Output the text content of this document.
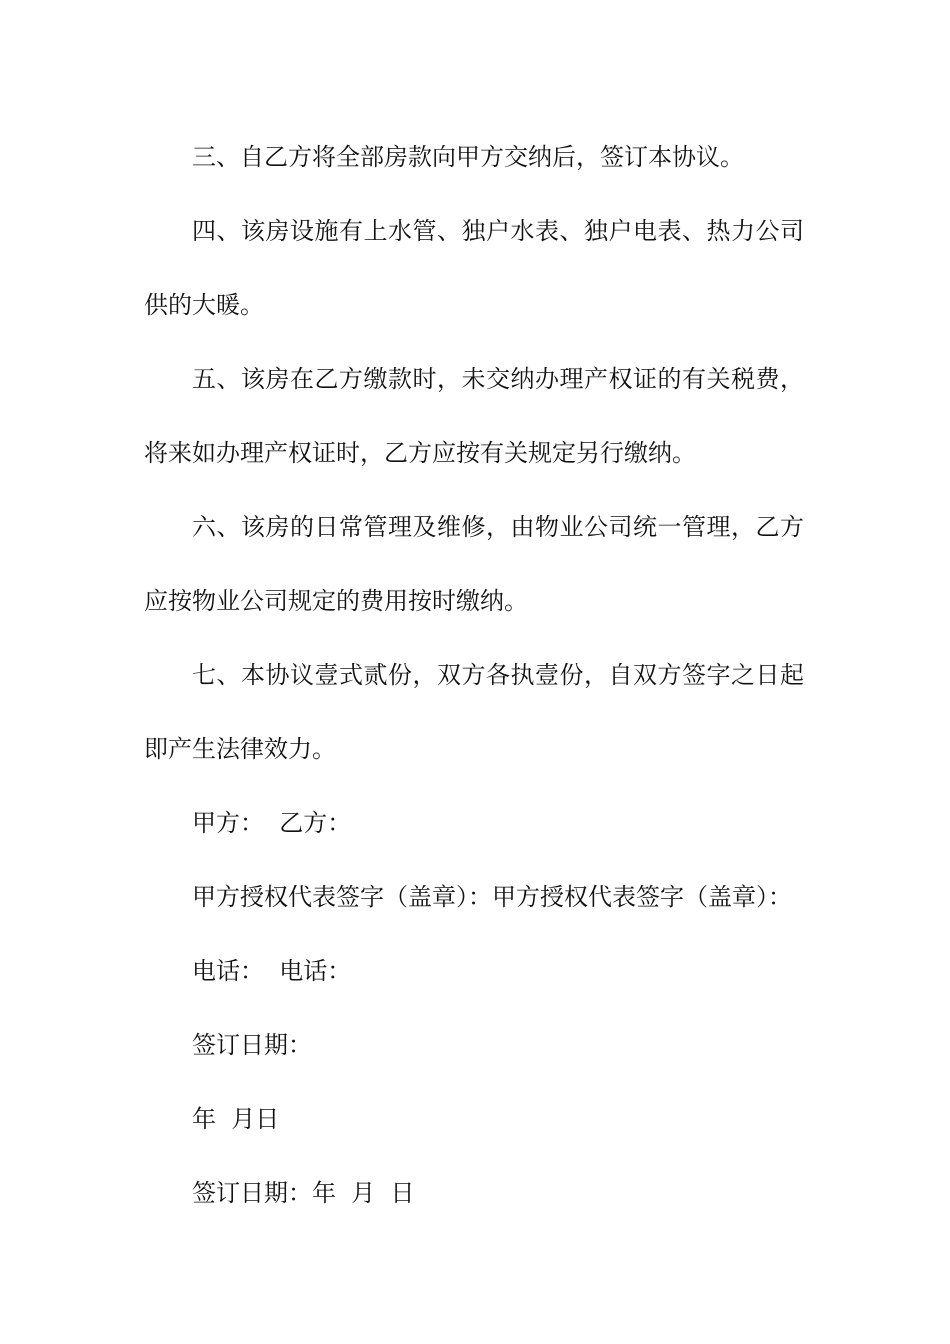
三、自乙方将全部房款向甲方交纳后，签订本协议。

四、该房设施有上水管、独户水表、独户电表、热力公司供的大暖。

五、该房在乙方缴款时，未交纳办理产权证的有关税费，将来如办理产权证时，乙方应按有关规定另行缴纳。

六、该房的日常管理及维修，由物业公司统一管理，乙方应按物业公司规定的费用按时缴纳。

七、本协议壹式贰份，双方各执壹份，自双方签字之日起即产生法律效力。

甲方：  乙方：

甲方授权代表签字（盖章）：甲方授权代表签字（盖章）：

电话：  电话：

签订日期：

年  月日

签订日期：年  月  日
